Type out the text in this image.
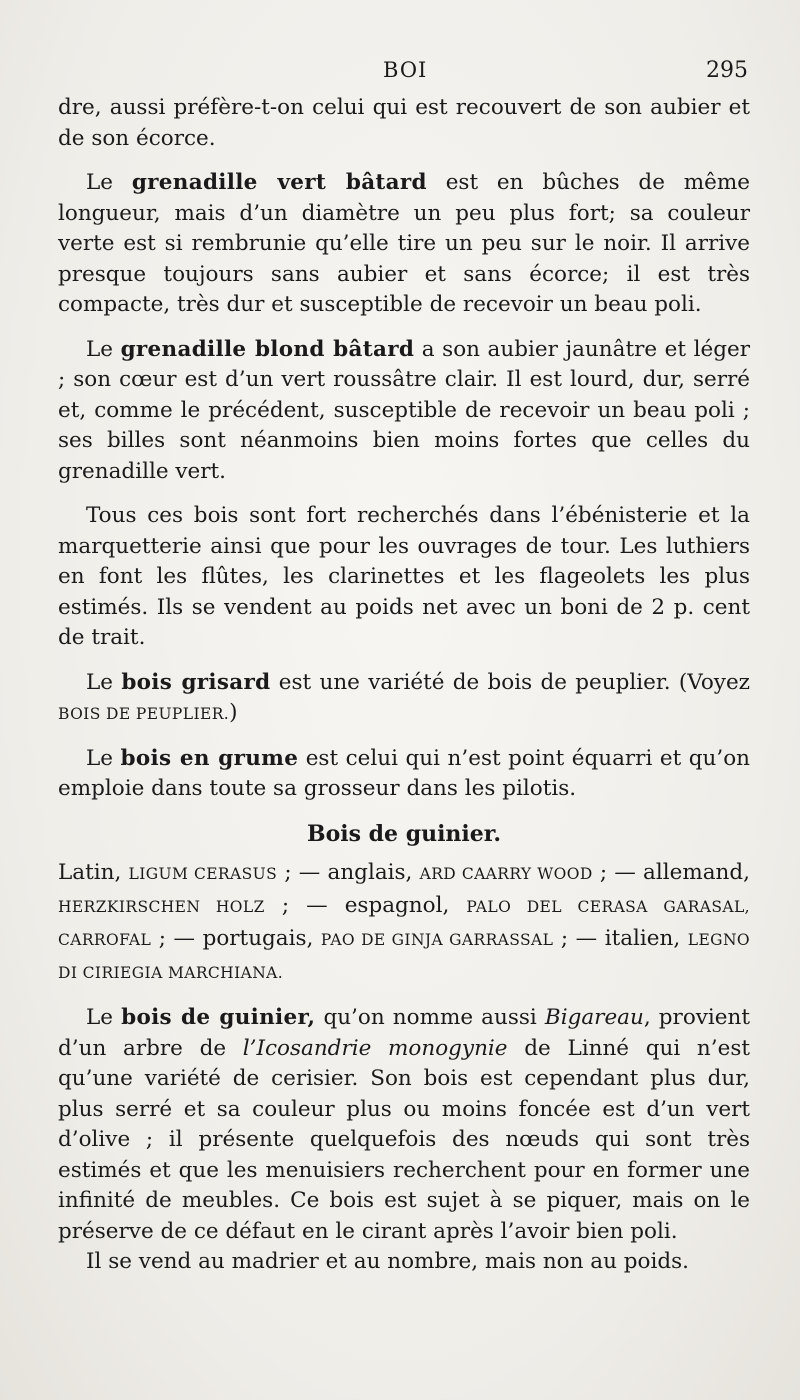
BOI	295

dre, aussi préfère-t-on celui qui est recouvert de son aubier et de son écorce.

Le grenadille vert bâtard est en bûches de même longueur, mais d’un diamètre un peu plus fort; sa couleur verte est si rembrunie qu’elle tire un peu sur le noir. Il arrive presque toujours sans aubier et sans écorce; il est très compacte, très dur et susceptible de recevoir un beau poli.

Le grenadille blond bâtard a son aubier jaunâtre et léger ; son cœur est d’un vert roussâtre clair. Il est lourd, dur, serré et, comme le précédent, susceptible de recevoir un beau poli ; ses billes sont néanmoins bien moins fortes que celles du grenadille vert.

Tous ces bois sont fort recherchés dans l’ébénisterie et la marquetterie ainsi que pour les ouvrages de tour. Les luthiers en font les flûtes, les clarinettes et les flageolets les plus estimés. Ils se vendent au poids net avec un boni de 2 p. cent de trait.

Le bois grisard est une variété de bois de peuplier. (Voyez BOIS DE PEUPLIER.)

Le bois en grume est celui qui n’est point équarri et qu’on emploie dans toute sa grosseur dans les pilotis.

Bois de guinier.

Latin, LIGUM CERASUS ; — anglais, ARD CAARRY WOOD ; — allemand, HERZKIRSCHEN HOLZ ; — espagnol, PALO DEL CERASA GARASAL, CARROFAL ; — portugais, PAO DE GINJA GARRASSAL ; — italien, LEGNO DI CIRIEGIA MARCHIANA.

Le bois de guinier, qu’on nomme aussi Bigareau, provient d’un arbre de l’Icosandrie monogynie de Linné qui n’est qu’une variété de cerisier. Son bois est cependant plus dur, plus serré et sa couleur plus ou moins foncée est d’un vert d’olive ; il présente quelquefois des nœuds qui sont très estimés et que les menuisiers recherchent pour en former une infinité de meubles. Ce bois est sujet à se piquer, mais on le préserve de ce défaut en le cirant après l’avoir bien poli.

Il se vend au madrier et au nombre, mais non au poids.
